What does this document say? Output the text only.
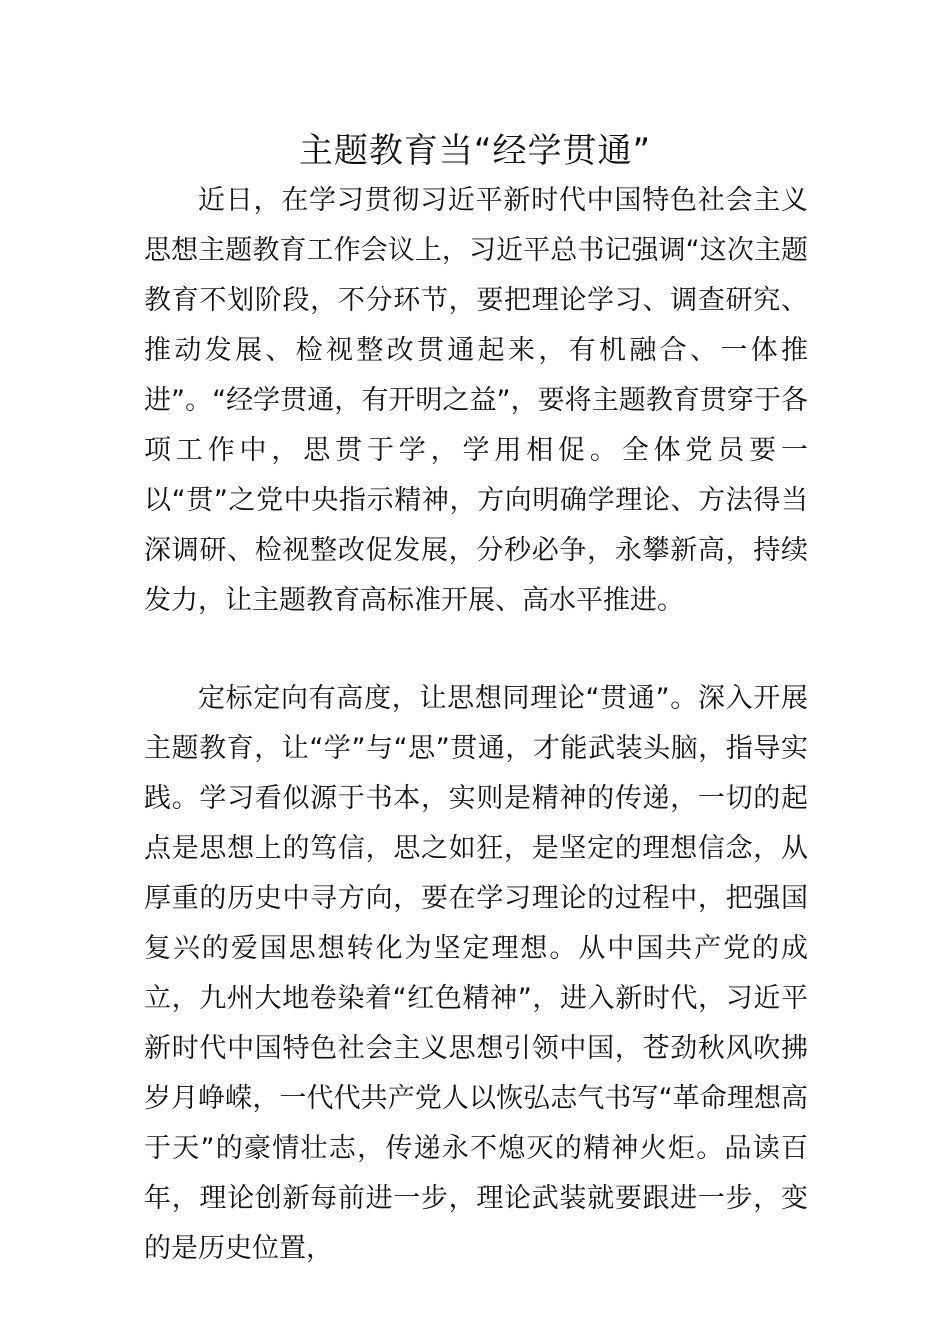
主题教育当“经学贯通”

近日，在学习贯彻习近平新时代中国特色社会主义思想主题教育工作会议上，习近平总书记强调“这次主题教育不划阶段，不分环节，要把理论学习、调查研究、推动发展、检视整改贯通起来，有机融合、一体推进”。“经学贯通，有开明之益”，要将主题教育贯穿于各项工作中，思贯于学，学用相促。全体党员要一以“贯”之党中央指示精神，方向明确学理论、方法得当深调研、检视整改促发展，分秒必争，永攀新高，持续发力，让主题教育高标准开展、高水平推进。

定标定向有高度，让思想同理论“贯通”。深入开展主题教育，让“学”与“思”贯通，才能武装头脑，指导实践。学习看似源于书本，实则是精神的传递，一切的起点是思想上的笃信，思之如狂，是坚定的理想信念，从厚重的历史中寻方向，要在学习理论的过程中，把强国复兴的爱国思想转化为坚定理想。从中国共产党的成立，九州大地卷染着“红色精神”，进入新时代，习近平新时代中国特色社会主义思想引领中国，苍劲秋风吹拂岁月峥嵘，一代代共产党人以恢弘志气书写“革命理想高于天”的豪情壮志，传递永不熄灭的精神火炬。品读百年，理论创新每前进一步，理论武装就要跟进一步，变的是历史位置，
